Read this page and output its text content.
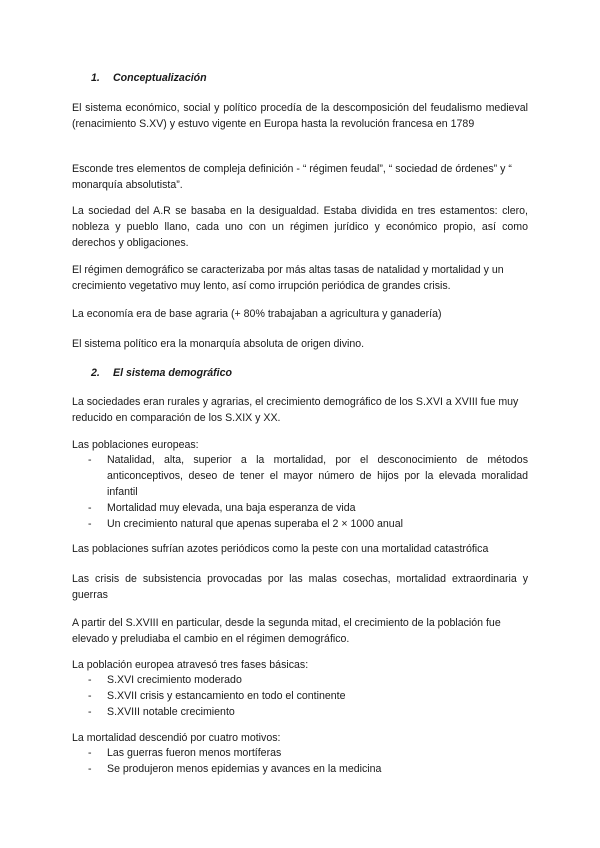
1. Conceptualización

El sistema económico, social y político procedía de la descomposición del feudalismo medieval (renacimiento S.XV) y estuvo vigente en Europa hasta la revolución francesa en 1789

Esconde tres elementos de compleja definición - “ régimen feudal”, “ sociedad de órdenes” y “ monarquía absolutista”.

La sociedad del A.R se basaba en la desigualdad. Estaba dividida en tres estamentos: clero, nobleza y pueblo llano, cada uno con un régimen jurídico y económico propio, así como derechos y obligaciones.

El régimen demográfico se caracterizaba por más altas tasas de natalidad y mortalidad y un crecimiento vegetativo muy lento, así como irrupción periódica de grandes crisis.

La economía era de base agraria (+ 80% trabajaban a agricultura y ganadería)

El sistema político era la monarquía absoluta de origen divino.

2. El sistema demográfico

La sociedades eran rurales y agrarias, el crecimiento demográfico de los S.XVI a XVIII fue muy reducido en comparación de los S.XIX y XX.

Las poblaciones europeas:

- Natalidad, alta, superior a la mortalidad, por el desconocimiento de métodos anticonceptivos, deseo de tener el mayor número de hijos por la elevada moralidad infantil
- Mortalidad muy elevada, una baja esperanza de vida
- Un crecimiento natural que apenas superaba el 2 × 1000 anual

Las poblaciones sufrían azotes periódicos como la peste con una mortalidad catastrófica

Las crisis de subsistencia provocadas por las malas cosechas, mortalidad extraordinaria y guerras

A partir del S.XVIII en particular, desde la segunda mitad, el crecimiento de la población fue elevado y preludiaba el cambio en el régimen demográfico.

La población europea atravesó tres fases básicas:

- S.XVI crecimiento moderado
- S.XVII crisis y estancamiento en todo el continente
- S.XVIII notable crecimiento

La mortalidad descendió por cuatro motivos:

- Las guerras fueron menos mortíferas
- Se produjeron menos epidemias y avances en la medicina
